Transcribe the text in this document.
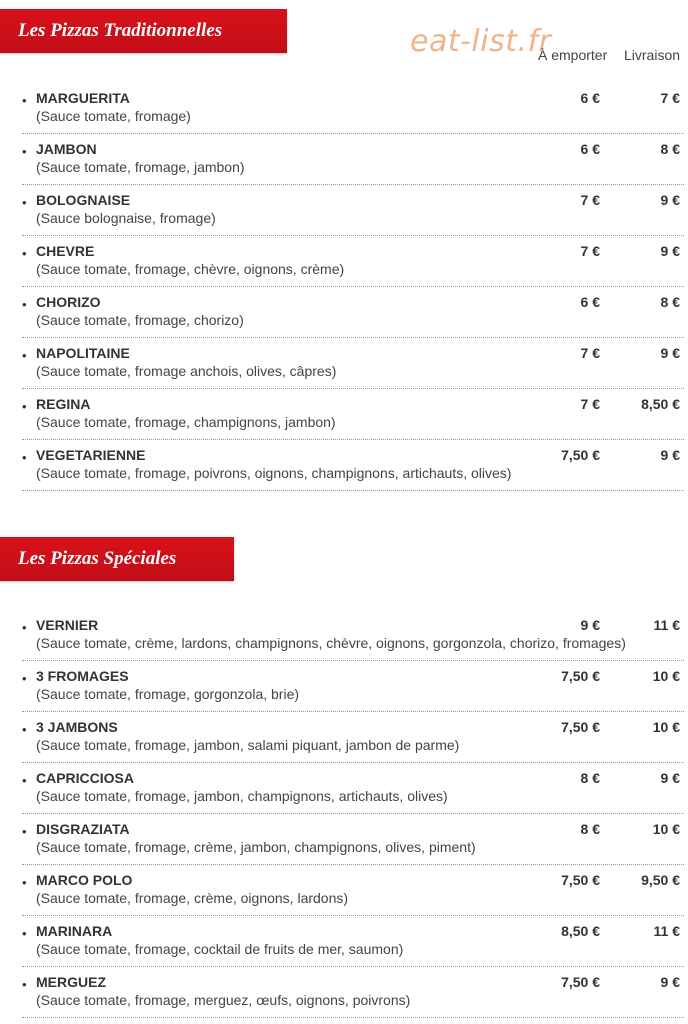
Les Pizzas Traditionnelles	eat-list.fr
À emporter Livraison
• MARGUERITA
(Sauce tomate, fromage)
6 €	7 €
• JAMBON
(Sauce tomate, fromage, jambon)
6 €	8 €
• BOLOGNAISE
(Sauce bolognaise, fromage)
7 €	9 €
• CHEVRE
(Sauce tomate, fromage, chèvre, oignons, crème)
7 €	9 €
• CHORIZO
(Sauce tomate, fromage, chorizo)
6 €	8 €
• NAPOLITAINE
(Sauce tomate, fromage anchois, olives, câpres)
7 €	9 €
• REGINA
(Sauce tomate, fromage, champignons, jambon)
7 €	8,50 €
• VEGETARIENNE
(Sauce tomate, fromage, poivrons, oignons, champignons, artichauts, olives)
7,50 €	9 €
Les Pizzas Spéciales
• VERNIER
(Sauce tomate, crème, lardons, champignons, chèvre, oignons, gorgonzola, chorizo, fromages)
9 €	11 €
• 3 FROMAGES
(Sauce tomate, fromage, gorgonzola, brie)
7,50 €	10 €
• 3 JAMBONS
(Sauce tomate, fromage, jambon, salami piquant, jambon de parme)
7,50 €	10 €
• CAPRICCIOSA
(Sauce tomate, fromage, jambon, champignons, artichauts, olives)
8 €	9 €
• DISGRAZIATA
(Sauce tomate, fromage, crème, jambon, champignons, olives, piment)
8 €	10 €
• MARCO POLO
(Sauce tomate, fromage, crème, oignons, lardons)
7,50 €	9,50 €
• MARINARA
(Sauce tomate, fromage, cocktail de fruits de mer, saumon)
8,50 €	11 €
• MERGUEZ
(Sauce tomate, fromage, merguez, œufs, oignons, poivrons)
7,50 €	9 €
